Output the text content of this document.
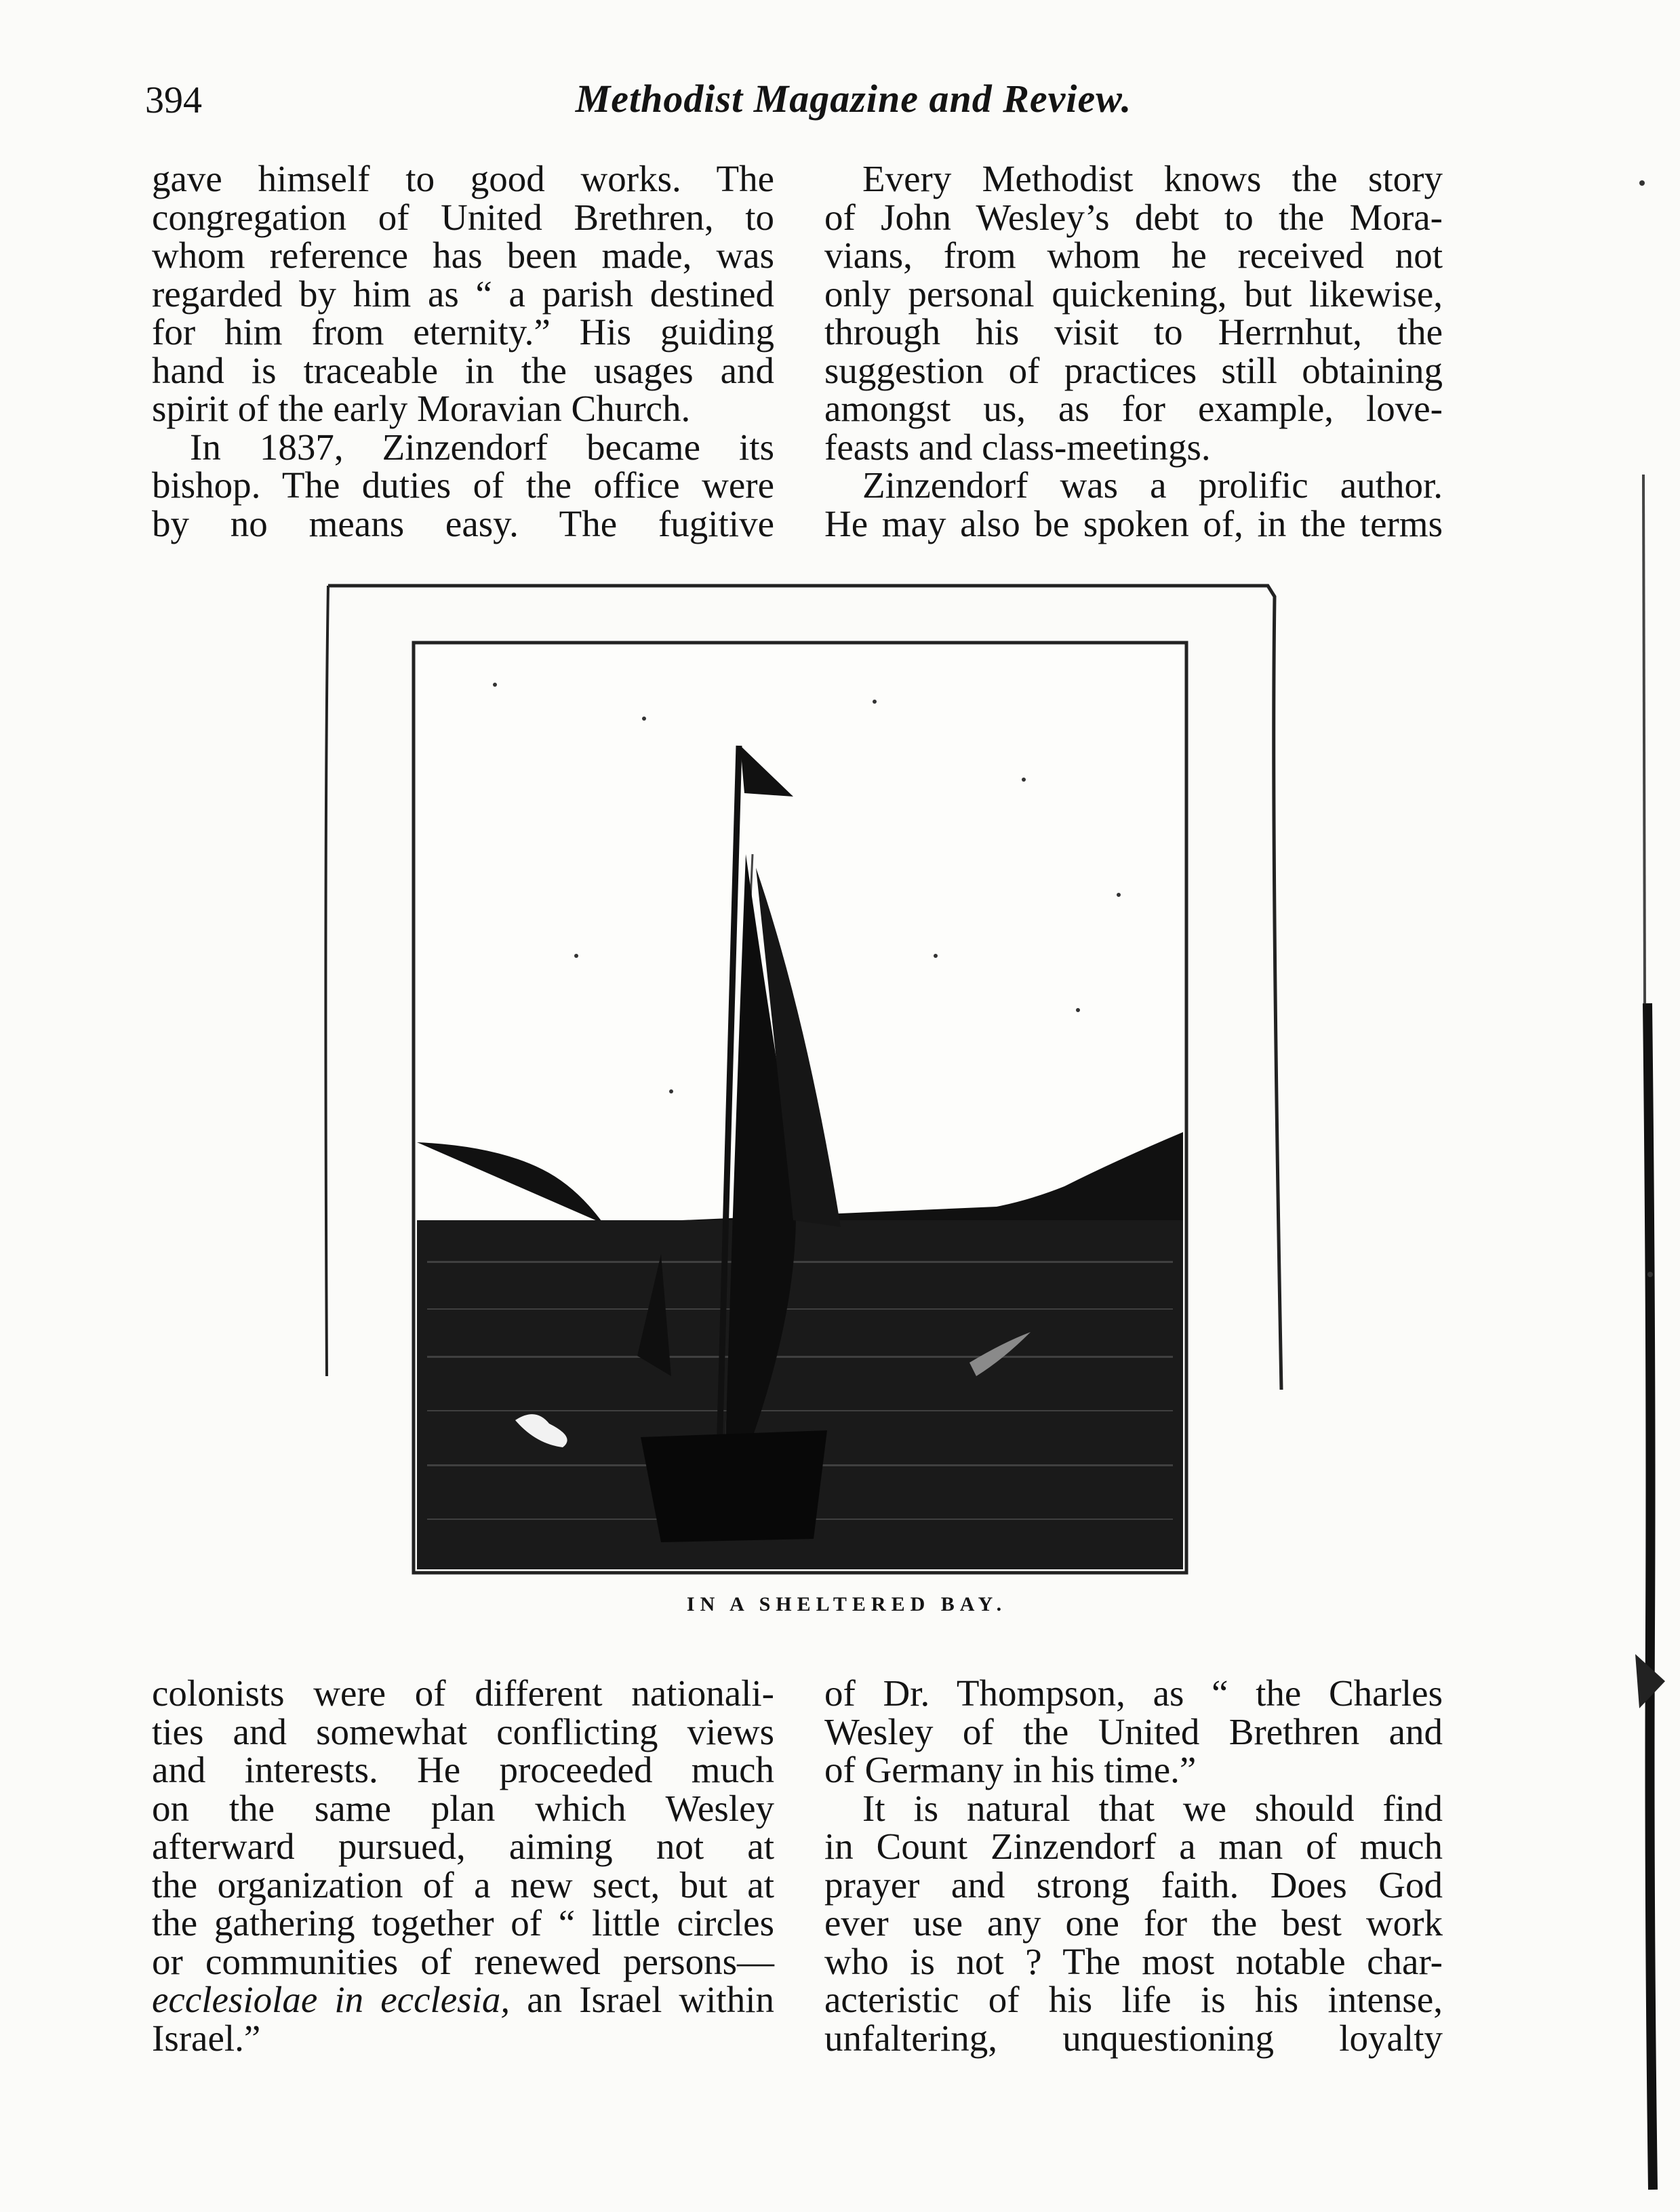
394	Methodist Magazine and Review.

gave himself to good works. The
congregation of United Brethren, to
whom reference has been made, was
regarded by him as “ a parish destined
for him from eternity.” His guiding
hand is traceable in the usages and
spirit of the early Moravian Church.

In 1837, Zinzendorf became its
bishop. The duties of the office were
by no means easy. The fugitive

Every Methodist knows the story
of John Wesley’s debt to the Mora-
vians, from whom he received not
only personal quickening, but likewise,
through his visit to Herrnhut, the
suggestion of practices still obtaining
amongst us, as for example, love-
feasts and class-meetings.

Zinzendorf was a prolific author.
He may also be spoken of, in the terms

IN A SHELTERED BAY.

colonists were of different nationali-
ties and somewhat conflicting views
and interests. He proceeded much
on the same plan which Wesley
afterward pursued, aiming not at
the organization of a new sect, but at
the gathering together of “ little circles
or communities of renewed persons—
ecclesiolae in ecclesia, an Israel within
Israel.”

of Dr. Thompson, as “ the Charles
Wesley of the United Brethren and
of Germany in his time.”

It is natural that we should find
in Count Zinzendorf a man of much
prayer and strong faith. Does God
ever use any one for the best work
who is not ? The most notable char-
acteristic of his life is his intense,
unfaltering, unquestioning loyalty
